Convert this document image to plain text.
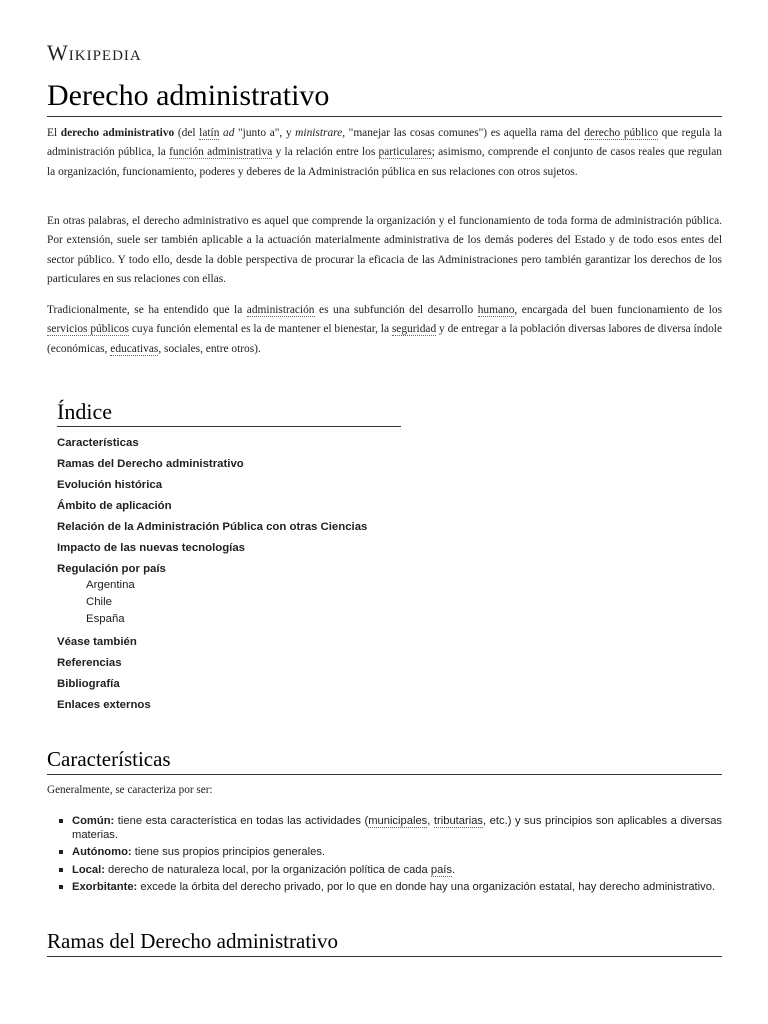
Wikipedia
Derecho administrativo

El derecho administrativo (del latín ad "junto a", y ministrare, "manejar las cosas comunes") es aquella rama del derecho público que regula la administración pública, la función administrativa y la relación entre los particulares; asimismo, comprende el conjunto de casos reales que regulan la organización, funcionamiento, poderes y deberes de la Administración pública en sus relaciones con otros sujetos.

En otras palabras, el derecho administrativo es aquel que comprende la organización y el funcionamiento de toda forma de administración pública. Por extensión, suele ser también aplicable a la actuación materialmente administrativa de los demás poderes del Estado y de todo esos entes del sector público. Y todo ello, desde la doble perspectiva de procurar la eficacia de las Administraciones pero también garantizar los derechos de los particulares en sus relaciones con ellas.

Tradicionalmente, se ha entendido que la administración es una subfunción del desarrollo humano, encargada del buen funcionamiento de los servicios públicos cuya función elemental es la de mantener el bienestar, la seguridad y de entregar a la población diversas labores de diversa índole (económicas, educativas, sociales, entre otros).

Índice
Características
Ramas del Derecho administrativo
Evolución histórica
Ámbito de aplicación
Relación de la Administración Pública con otras Ciencias
Impacto de las nuevas tecnologías
Regulación por país
Argentina
Chile
España
Véase también
Referencias
Bibliografía
Enlaces externos
Características

Generalmente, se caracteriza por ser:

Común: tiene esta característica en todas las actividades (municipales, tributarias, etc.) y sus principios son aplicables a diversas materias.
Autónomo: tiene sus propios principios generales.
Local: derecho de naturaleza local, por la organización política de cada país.
Exorbitante: excede la órbita del derecho privado, por lo que en donde hay una organización estatal, hay derecho administrativo.
Ramas del Derecho administrativo
